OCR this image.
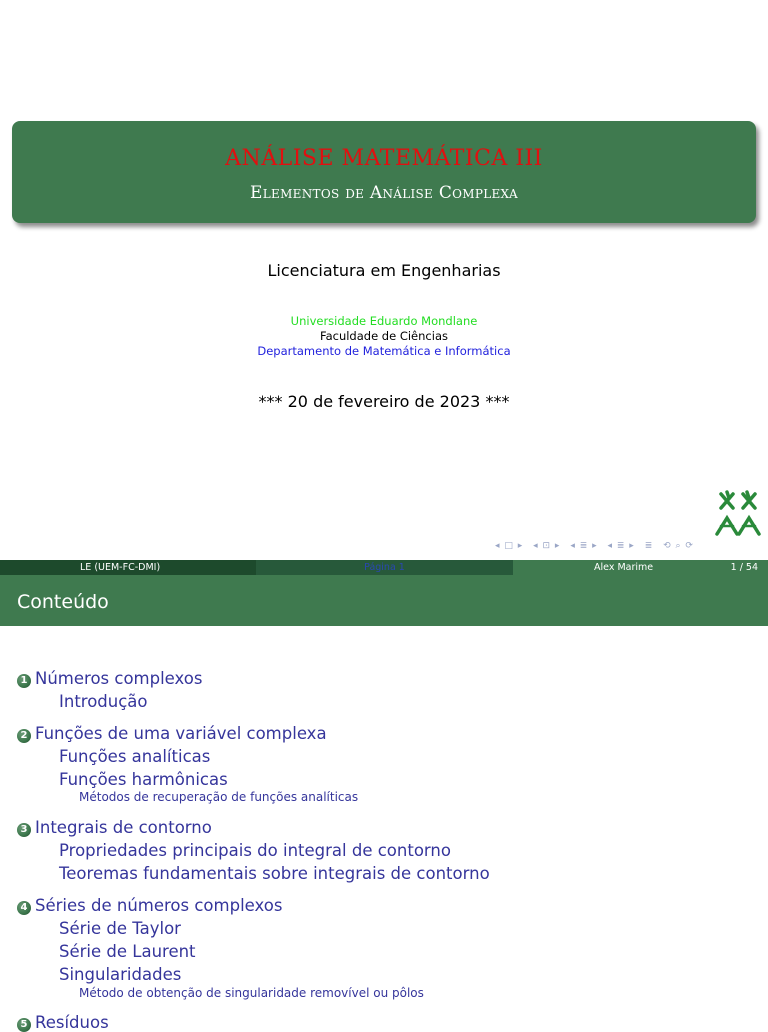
ANÁLISE MATEMÁTICA III
Elementos de Análise Complexa
Licenciatura em Engenharias
Universidade Eduardo Mondlane
Faculdade de Ciências
Departamento de Matemática e Informática
*** 20 de fevereiro de 2023 ***
◂ □ ▸ ◂ ⊡ ▸ ◂ ≣ ▸ ◂ ≣ ▸ ≣ ⟲ ⌕ ⟳
LE (UEM-FC-DMI)	Página 1	Alex Marime	1 / 54
Conteúdo
1 Números complexos
Introdução
2 Funções de uma variável complexa
Funções analíticas
Funções harmônicas
Métodos de recuperação de funções analíticas
3 Integrais de contorno
Propriedades principais do integral de contorno
Teoremas fundamentais sobre integrais de contorno
4 Séries de números complexos
Série de Taylor
Série de Laurent
Singularidades
Método de obtenção de singularidade removível ou pôlos
5 Resíduos
